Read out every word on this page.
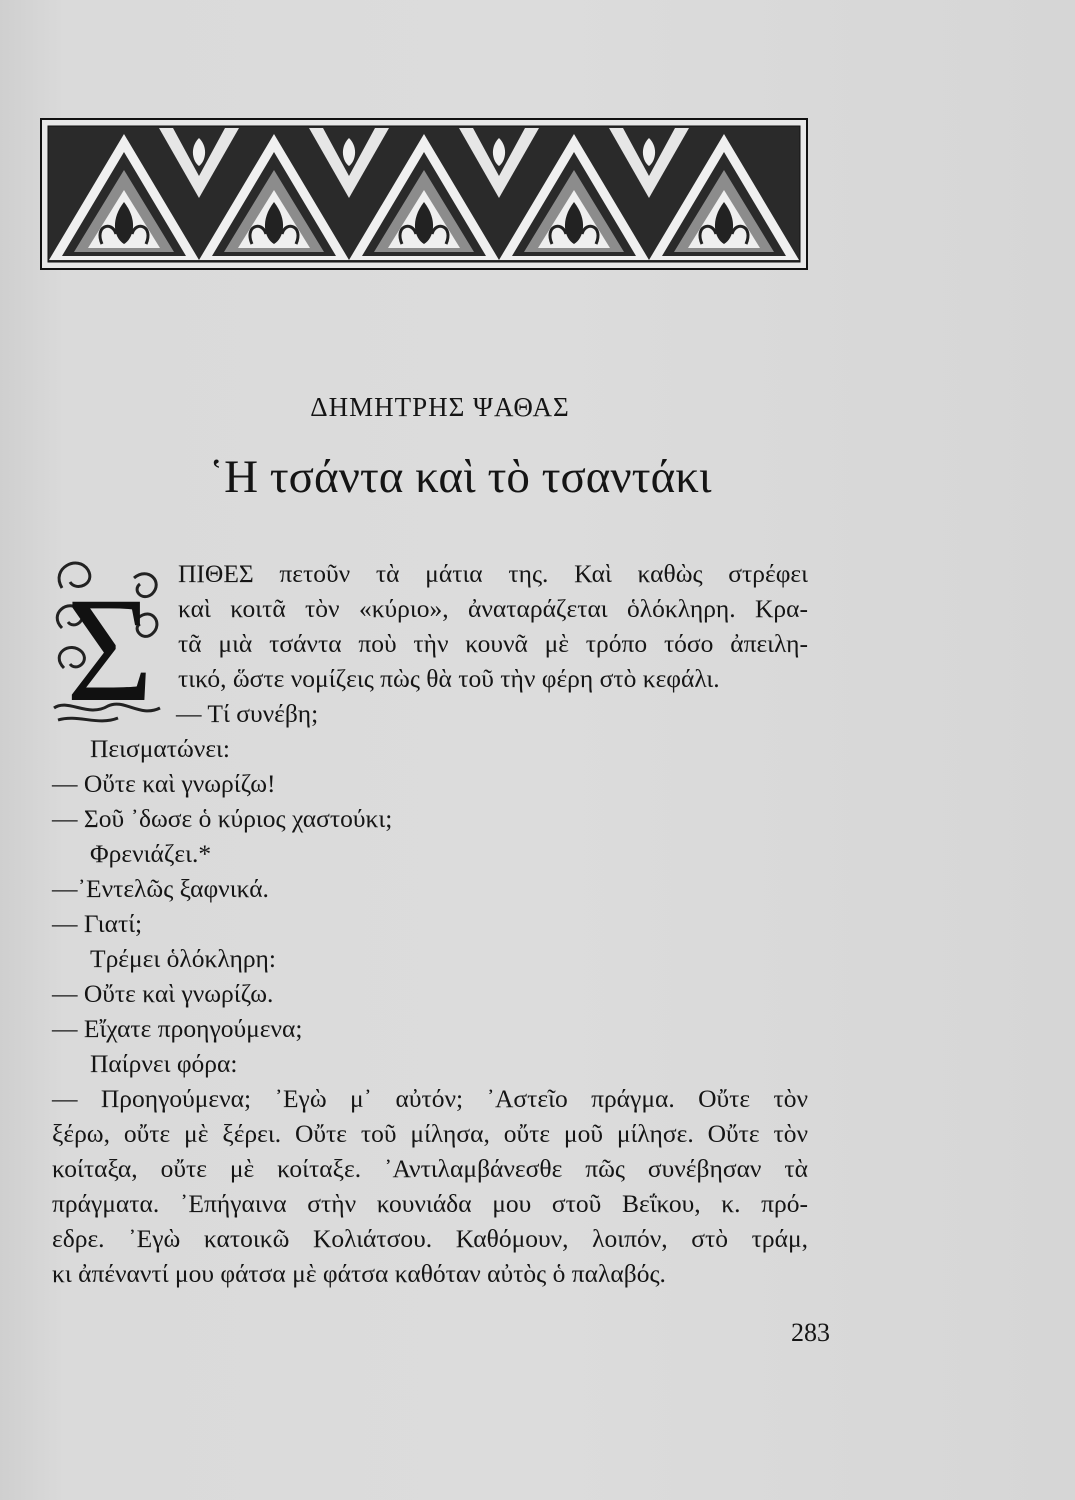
ΔΗΜΗΤΡΗΣ ΨΑΘΑΣ
῾Η τσάντα καὶ τὸ τσαντάκι
Σ ΠΙΘΕΣ πετοῦν τὰ μάτια της. Καὶ καθὼς στρέφει
καὶ κοιτᾶ τὸν «κύριο», ἀναταράζεται ὁλόκληρη. Κρα-
τᾶ μιὰ τσάντα ποὺ τὴν κουνᾶ μὲ τρόπο τόσο ἀπειλη-
τικό, ὥστε νομίζεις πὼς θὰ τοῦ τὴν φέρη στὸ κεφάλι.
— Τί συνέβη;
Πεισματώνει:
— Οὔτε καὶ γνωρίζω!
— Σοῦ ᾿δωσε ὁ κύριος χαστούκι;
Φρενιάζει.*
—᾿Εντελῶς ξαφνικά.
— Γιατί;
Τρέμει ὁλόκληρη:
— Οὔτε καὶ γνωρίζω.
— Εἴχατε προηγούμενα;
Παίρνει φόρα:
— Προηγούμενα; ᾿Εγὼ μ᾿ αὐτόν; ᾿Αστεῖο πράγμα. Οὔτε τὸν
ξέρω, οὔτε μὲ ξέρει. Οὔτε τοῦ μίλησα, οὔτε μοῦ μίλησε. Οὔτε τὸν
κοίταξα, οὔτε μὲ κοίταξε. ᾿Αντιλαμβάνεσθε πῶς συνέβησαν τὰ
πράγματα. ᾿Επήγαινα στὴν κουνιάδα μου στοῦ Βεΐκου, κ. πρό-
εδρε. ᾿Εγὼ κατοικῶ Κολιάτσου. Καθόμουν, λοιπόν, στὸ τράμ,
κι ἀπέναντί μου φάτσα μὲ φάτσα καθόταν αὐτὸς ὁ παλαβός.
283
